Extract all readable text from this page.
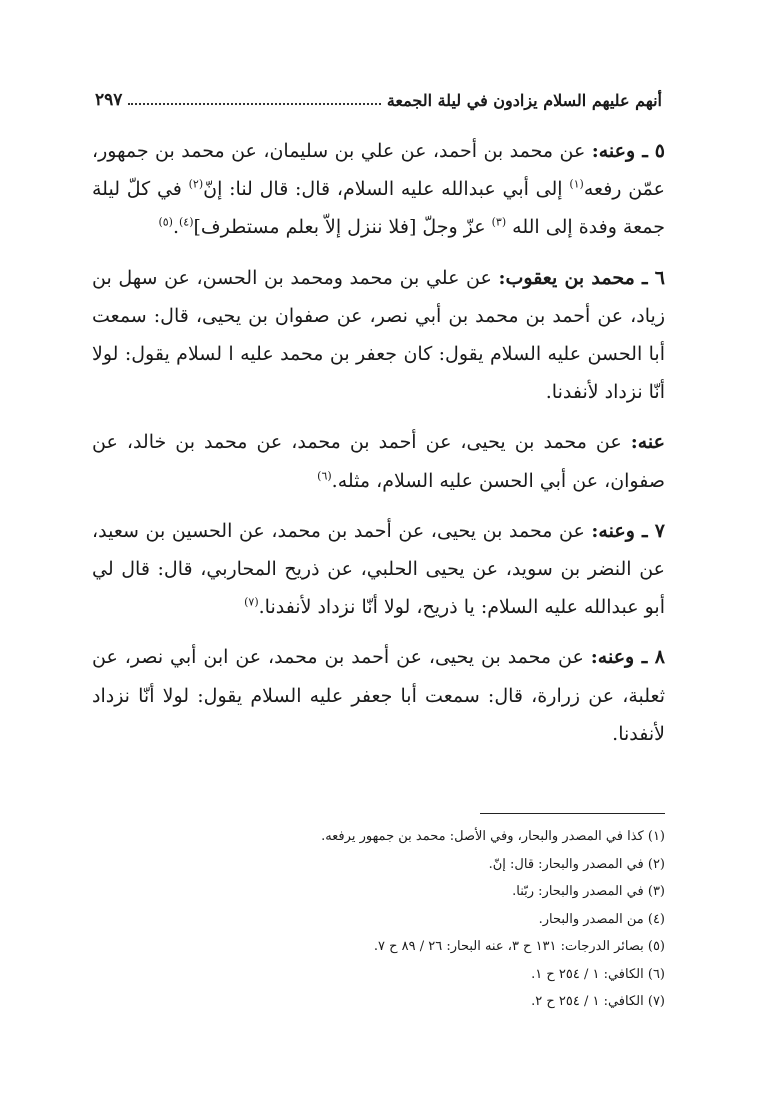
أنهم عليهم السلام يزادون في ليلة الجمعة
٢٩٧

٥ ـ وعنه: عن محمد بن أحمد، عن علي بن سليمان، عن محمد بن جمهور، عمّن رفعه$^{(١)}$ إلى أبي عبدالله عليه السلام، قال: قال لنا: إنّ$^{(٢)}$ في كلّ ليلة جمعة وفدة إلى الله $^{(٣)}$ عزّ وجلّ [فلا ننزل إلاّ بعلم مستطرف]$^{(٤)}$.$^{(٥)}$

٦ ـ محمد بن يعقوب: عن علي بن محمد ومحمد بن الحسن، عن سهل بن زياد، عن أحمد بن محمد بن أبي نصر، عن صفوان بن يحيى، قال: سمعت أبا الحسن عليه السلام يقول: كان جعفر بن محمد عليه ا لسلام يقول: لولا أنّا نزداد لأنفدنا.

عنه: عن محمد بن يحيى، عن أحمد بن محمد، عن محمد بن خالد، عن صفوان، عن أبي الحسن عليه السلام، مثله.$^{(٦)}$

٧ ـ وعنه: عن محمد بن يحيى، عن أحمد بن محمد، عن الحسين بن سعيد، عن النضر بن سويد، عن يحيى الحلبي، عن ذريح المحاربي، قال: قال لي أبو عبدالله عليه السلام: يا ذريح، لولا أنّا نزداد لأنفدنا.$^{(٧)}$

٨ ـ وعنه: عن محمد بن يحيى، عن أحمد بن محمد، عن ابن أبي نصر، عن ثعلبة، عن زرارة، قال: سمعت أبا جعفر عليه السلام يقول: لولا أنّا نزداد لأنفدنا.

(١) كذا في المصدر والبحار، وفي الأصل: محمد بن جمهور يرفعه.
(٢) في المصدر والبحار: قال: إنّ.
(٣) في المصدر والبحار: ربّنا.
(٤) من المصدر والبحار.
(٥) بصائر الدرجات: ١٣١ ح ٣، عنه البحار: ٢٦ / ٨٩ ح ٧.
(٦) الكافي: ١ / ٢٥٤ ح ١.
(٧) الكافي: ١ / ٢٥٤ ح ٢.
